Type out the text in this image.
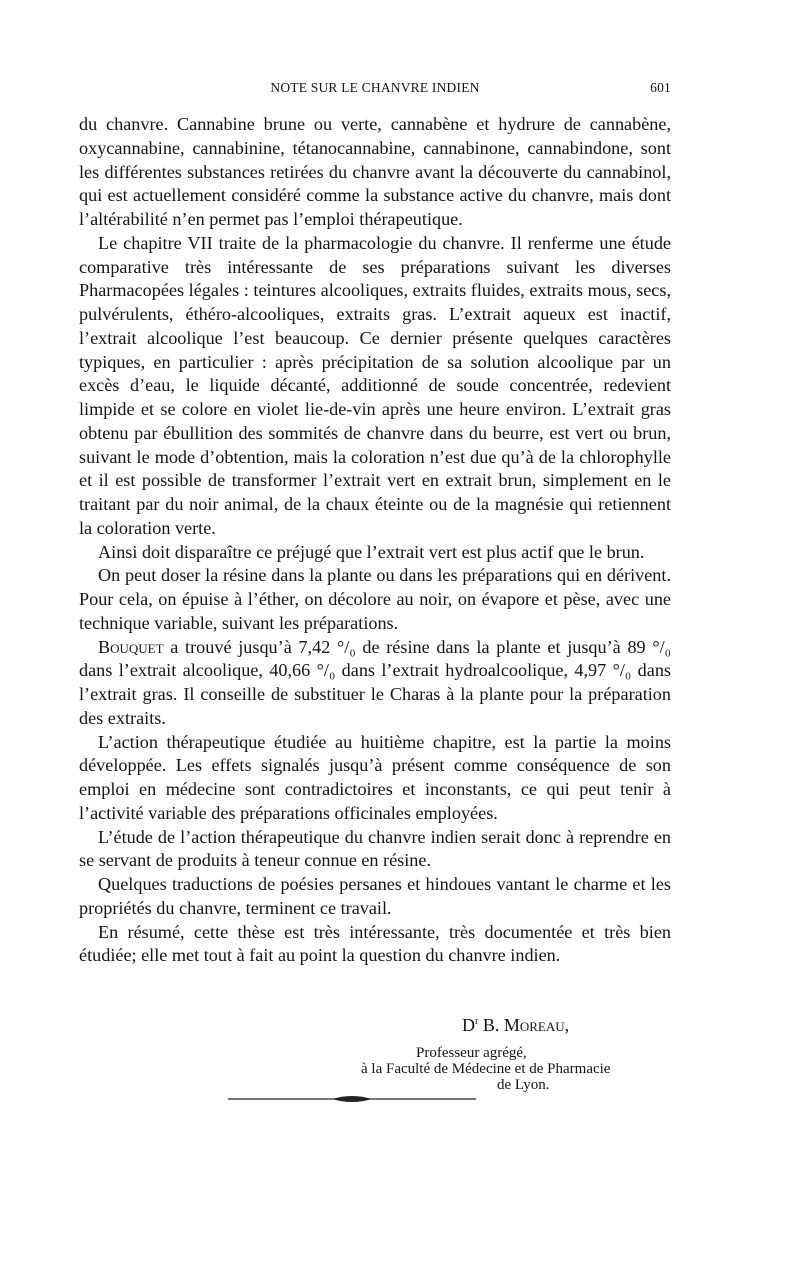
NOTE SUR LE CHANVRE INDIEN	601

du chanvre. Cannabine brune ou verte, cannabène et hydrure de cannabène, oxycannabine, cannabinine, tétanocannabine, cannabinone, cannabindone, sont les différentes substances retirées du chanvre avant la découverte du cannabinol, qui est actuellement considéré comme la substance active du chanvre, mais dont l’altérabilité n’en permet pas l’emploi thérapeutique.

Le chapitre VII traite de la pharmacologie du chanvre. Il renferme une étude comparative très intéressante de ses préparations suivant les diverses Pharmacopées légales : teintures alcooliques, extraits fluides, extraits mous, secs, pulvérulents, éthéro-alcooliques, extraits gras. L’extrait aqueux est inactif, l’extrait alcoolique l’est beaucoup. Ce dernier présente quelques caractères typiques, en particulier : après précipitation de sa solution alcoolique par un excès d’eau, le liquide décanté, additionné de soude concentrée, redevient limpide et se colore en violet lie-de-vin après une heure environ. L’extrait gras obtenu par ébullition des sommités de chanvre dans du beurre, est vert ou brun, suivant le mode d’obtention, mais la coloration n’est due qu’à de la chlorophylle et il est possible de transformer l’extrait vert en extrait brun, simplement en le traitant par du noir animal, de la chaux éteinte ou de la magnésie qui retiennent la coloration verte.

Ainsi doit disparaître ce préjugé que l’extrait vert est plus actif que le brun.

On peut doser la résine dans la plante ou dans les préparations qui en dérivent. Pour cela, on épuise à l’éther, on décolore au noir, on évapore et pèse, avec une technique variable, suivant les préparations.

Bouquet a trouvé jusqu’à 7,42 °/₀ de résine dans la plante et jusqu’à 89 °/₀ dans l’extrait alcoolique, 40,66 °/₀ dans l’extrait hydroalcoolique, 4,97 °/₀ dans l’extrait gras. Il conseille de substituer le Charas à la plante pour la préparation des extraits.

L’action thérapeutique étudiée au huitième chapitre, est la partie la moins développée. Les effets signalés jusqu’à présent comme conséquence de son emploi en médecine sont contradictoires et inconstants, ce qui peut tenir à l’activité variable des préparations officinales employées.

L’étude de l’action thérapeutique du chanvre indien serait donc à reprendre en se servant de produits à teneur connue en résine.

Quelques traductions de poésies persanes et hindoues vantant le charme et les propriétés du chanvre, terminent ce travail.

En résumé, cette thèse est très intéressante, très documentée et très bien étudiée; elle met tout à fait au point la question du chanvre indien.

$D^r$ B. Moreau,
Professeur agrégé,
à la Faculté de Médecine et de Pharmacie
de Lyon.
